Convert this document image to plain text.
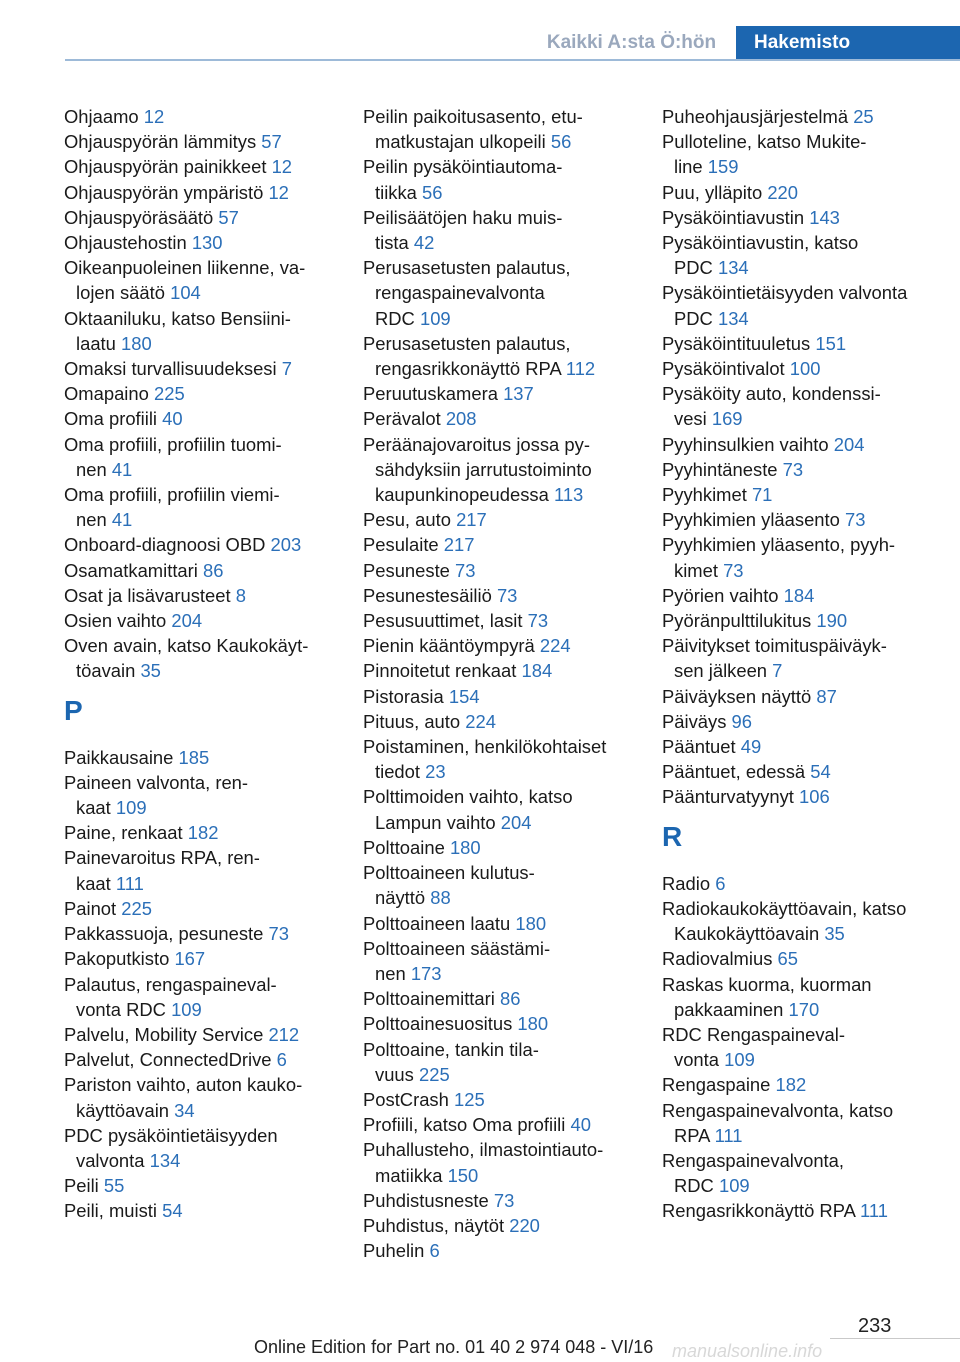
Kaikki A:sta Ö:hön	Hakemisto
Ohjaamo 12
Ohjauspyörän lämmitys 57
Ohjauspyörän painikkeet 12
Ohjauspyörän ympäristö 12
Ohjauspyöräsäätö 57
Ohjaustehostin 130
Oikeanpuoleinen liikenne, va‐
lojen säätö 104
Oktaaniluku, katso Bensiini‐
laatu 180
Omaksi turvallisuudeksesi 7
Omapaino 225
Oma profiili 40
Oma profiili, profiilin tuomi‐
nen 41
Oma profiili, profiilin viemi‐
nen 41
Onboard-diagnoosi OBD 203
Osamatkamittari 86
Osat ja lisävarusteet 8
Osien vaihto 204
Oven avain, katso Kaukokäyt‐
töavain 35
P
Paikkausaine 185
Paineen valvonta, ren‐
kaat 109
Paine, renkaat 182
Painevaroitus RPA, ren‐
kaat 111
Painot 225
Pakkassuoja, pesuneste 73
Pakoputkisto 167
Palautus, rengaspaineval‐
vonta RDC 109
Palvelu, Mobility Service 212
Palvelut, ConnectedDrive 6
Pariston vaihto, auton kauko‐
käyttöavain 34
PDC pysäköintietäisyyden
valvonta 134
Peili 55
Peili, muisti 54
Peilin paikoitusasento, etu‐
matkustajan ulkopeili 56
Peilin pysäköintiautoma‐
tiikka 56
Peilisäätöjen haku muis‐
tista 42
Perusasetusten palautus,
rengaspainevalvonta
RDC 109
Perusasetusten palautus,
rengasrikkonäyttö RPA 112
Peruutuskamera 137
Perävalot 208
Peräänajovaroitus jossa py‐
sähdyksiin jarrutustoiminto
kaupunkinopeudessa 113
Pesu, auto 217
Pesulaite 217
Pesuneste 73
Pesunestesäiliö 73
Pesusuuttimet, lasit 73
Pienin kääntöympyrä 224
Pinnoitetut renkaat 184
Pistorasia 154
Pituus, auto 224
Poistaminen, henkilökohtaiset
tiedot 23
Polttimoiden vaihto, katso
Lampun vaihto 204
Polttoaine 180
Polttoaineen kulutus‐
näyttö 88
Polttoaineen laatu 180
Polttoaineen säästämi‐
nen 173
Polttoainemittari 86
Polttoainesuositus 180
Polttoaine, tankin tila‐
vuus 225
PostCrash 125
Profiili, katso Oma profiili 40
Puhallusteho, ilmastointiauto‐
matiikka 150
Puhdistusneste 73
Puhdistus, näytöt 220
Puhelin 6
Puheohjausjärjestelmä 25
Pulloteline, katso Mukite‐
line 159
Puu, ylläpito 220
Pysäköintiavustin 143
Pysäköintiavustin, katso
PDC 134
Pysäköintietäisyyden valvonta
PDC 134
Pysäköintituuletus 151
Pysäköintivalot 100
Pysäköity auto, kondenssi‐
vesi 169
Pyyhinsulkien vaihto 204
Pyyhintäneste 73
Pyyhkimet 71
Pyyhkimien yläasento 73
Pyyhkimien yläasento, pyyh‐
kimet 73
Pyörien vaihto 184
Pyöränpulttilukitus 190
Päivitykset toimituspäiväyk‐
sen jälkeen 7
Päiväyksen näyttö 87
Päiväys 96
Pääntuet 49
Pääntuet, edessä 54
Päänturvatyynyt 106
R
Radio 6
Radiokaukokäyttöavain, katso
Kaukokäyttöavain 35
Radiovalmius 65
Raskas kuorma, kuorman
pakkaaminen 170
RDC Rengaspaineval‐
vonta 109
Rengaspaine 182
Rengaspainevalvonta, katso
RPA 111
Rengaspainevalvonta,
RDC 109
Rengasrikkonäyttö RPA 111
233
Online Edition for Part no. 01 40 2 974 048 - VI/16 manualsonline.info
